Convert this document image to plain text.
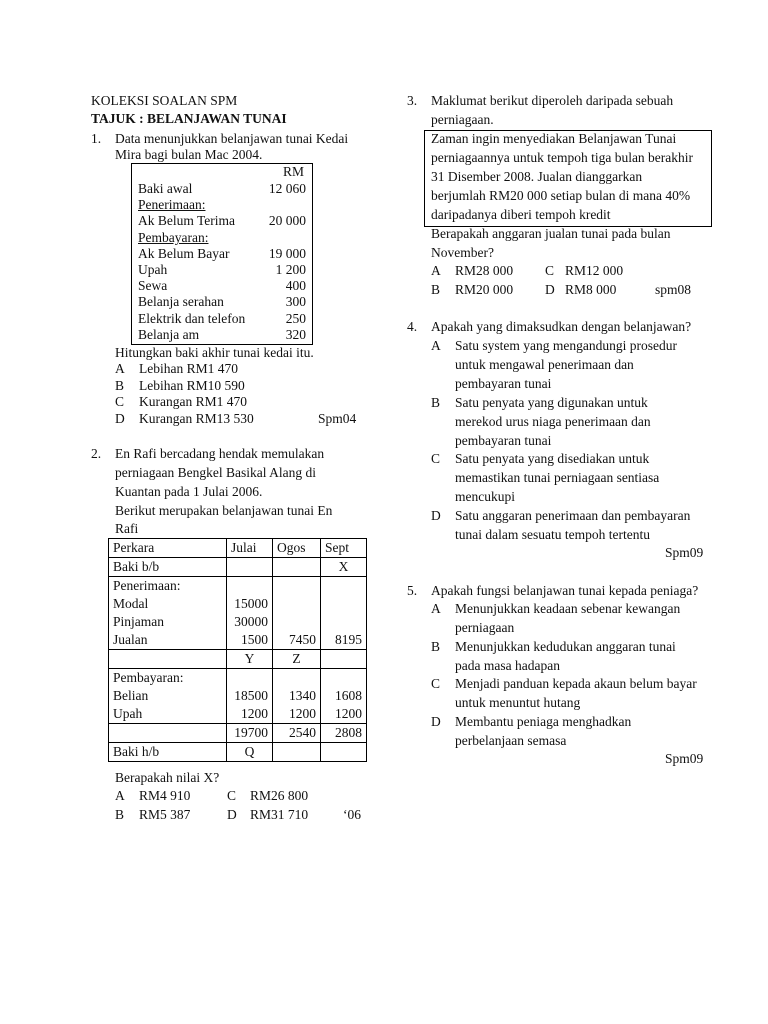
KOLEKSI SOALAN SPM
TAJUK : BELANJAWAN TUNAI
1. Data menunjukkan belanjawan tunai Kedai
Mira bagi bulan Mac 2004.
RM
Baki awal	12 060
Penerimaan:
Ak Belum Terima	20 000
Pembayaran:
Ak Belum Bayar	19 000
Upah	1 200
Sewa	400
Belanja serahan	300
Elektrik dan telefon	250
Belanja am	320
Hitungkan baki akhir tunai kedai itu.
A Lebihan RM1 470
B Lebihan RM10 590
C Kurangan RM1 470
D Kurangan RM13 530	Spm04
2. En Rafi bercadang hendak memulakan
perniagaan Bengkel Basikal Alang di
Kuantan pada 1 Julai 2006.
Berikut merupakan belanjawan tunai En
Rafi
Perkara	Julai	Ogos	Sept
Baki b/b			X
Penerimaan:			
Modal	15000		
Pinjaman	30000		
Jualan	1500	7450	8195
	Y	Z	
Pembayaran:			
Belian	18500	1340	1608
Upah	1200	1200	1200
	19700	2540	2808
Baki h/b	Q		
Berapakah nilai X?
A RM4 910	C RM26 800
B RM5 387	D RM31 710	‘06
3. Maklumat berikut diperoleh daripada sebuah
perniagaan.
Zaman ingin menyediakan Belanjawan Tunai
perniagaannya untuk tempoh tiga bulan berakhir
31 Disember 2008. Jualan dianggarkan
berjumlah RM20 000 setiap bulan di mana 40%
daripadanya diberi tempoh kredit
Berapakah anggaran jualan tunai pada bulan
November?
A RM28 000 C RM12 000
B RM20 000 D RM8 000	spm08
4. Apakah yang dimaksudkan dengan belanjawan?
A Satu system yang mengandungi prosedur
untuk mengawal penerimaan dan
pembayaran tunai
B Satu penyata yang digunakan untuk
merekod urus niaga penerimaan dan
pembayaran tunai
C Satu penyata yang disediakan untuk
memastikan tunai perniagaan sentiasa
mencukupi
D Satu anggaran penerimaan dan pembayaran
tunai dalam sesuatu tempoh tertentu
Spm09
5. Apakah fungsi belanjawan tunai kepada peniaga?
A Menunjukkan keadaan sebenar kewangan
perniagaan
B Menunjukkan kedudukan anggaran tunai
pada masa hadapan
C Menjadi panduan kepada akaun belum bayar
untuk menuntut hutang
D Membantu peniaga menghadkan
perbelanjaan semasa
Spm09
